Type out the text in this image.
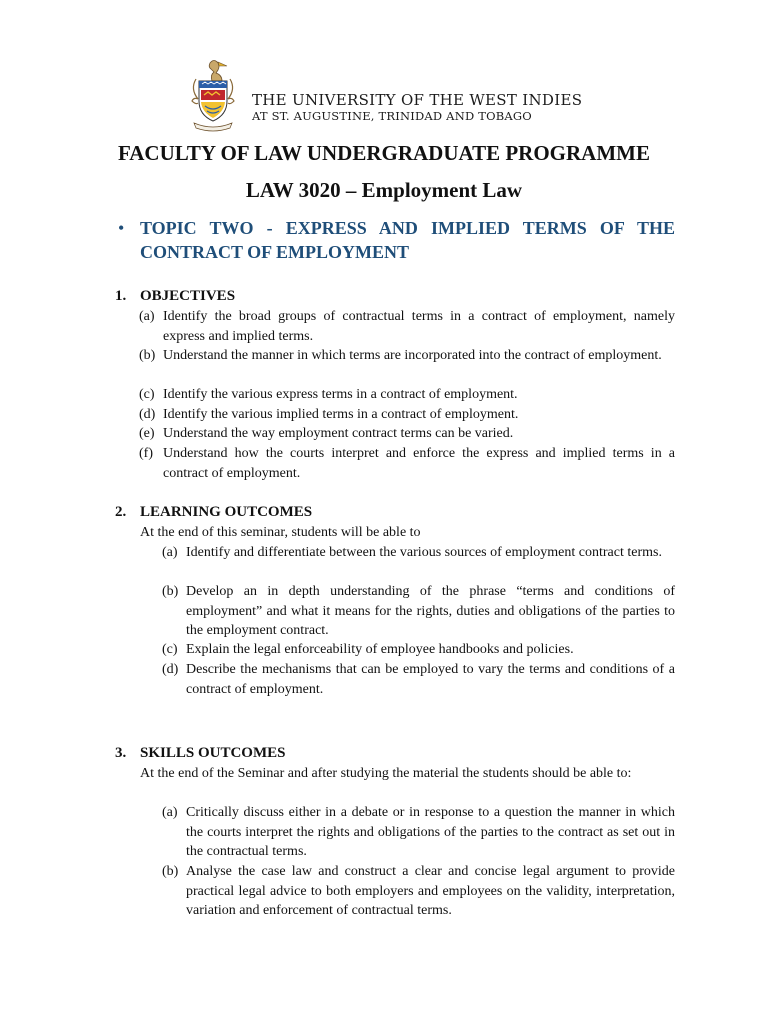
THE UNIVERSITY OF THE WEST INDIES
AT ST. AUGUSTINE, TRINIDAD AND TOBAGO
FACULTY OF LAW UNDERGRADUATE PROGRAMME
LAW 3020 – Employment Law
• TOPIC TWO - EXPRESS AND IMPLIED TERMS OF THE CONTRACT OF EMPLOYMENT
1. OBJECTIVES
(a) Identify the broad groups of contractual terms in a contract of employment, namely express and implied terms.
(b) Understand the manner in which terms are incorporated into the contract of employment.
(c) Identify the various express terms in a contract of employment.
(d) Identify the various implied terms in a contract of employment.
(e) Understand the way employment contract terms can be varied.
(f) Understand how the courts interpret and enforce the express and implied terms in a contract of employment.
2. LEARNING OUTCOMES
At the end of this seminar, students will be able to
(a) Identify and differentiate between the various sources of employment contract terms.
(b) Develop an in depth understanding of the phrase “terms and conditions of employment” and what it means for the rights, duties and obligations of the parties to the employment contract.
(c) Explain the legal enforceability of employee handbooks and policies.
(d) Describe the mechanisms that can be employed to vary the terms and conditions of a contract of employment.
3. SKILLS OUTCOMES
At the end of the Seminar and after studying the material the students should be able to:
(a) Critically discuss either in a debate or in response to a question the manner in which the courts interpret the rights and obligations of the parties to the contract as set out in the contractual terms.
(b) Analyse the case law and construct a clear and concise legal argument to provide practical legal advice to both employers and employees on the validity, interpretation, variation and enforcement of contractual terms.
